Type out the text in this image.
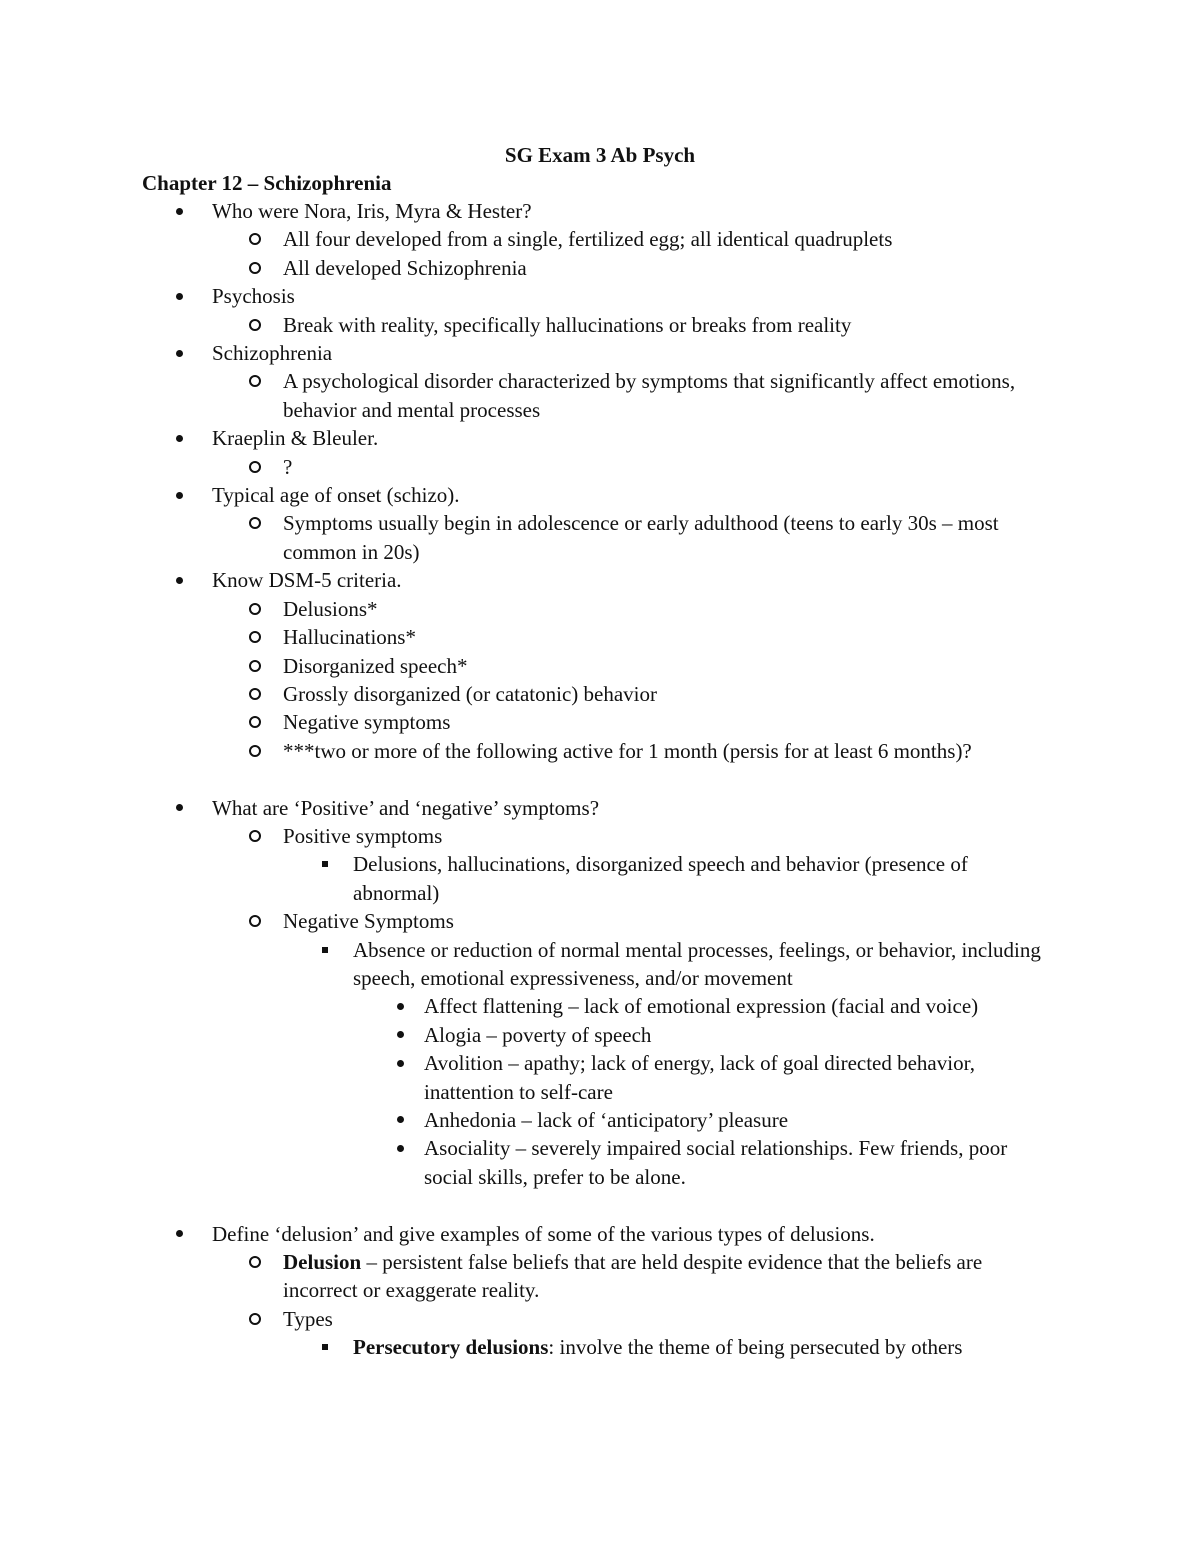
SG Exam 3 Ab Psych
Chapter 12 – Schizophrenia
Who were Nora, Iris, Myra & Hester?
All four developed from a single, fertilized egg; all identical quadruplets
All developed Schizophrenia
Psychosis
Break with reality, specifically hallucinations or breaks from reality
Schizophrenia
A psychological disorder characterized by symptoms that significantly affect emotions, behavior and mental processes
Kraeplin & Bleuler.
?
Typical age of onset (schizo).
Symptoms usually begin in adolescence or early adulthood (teens to early 30s – most common in 20s)
Know DSM-5 criteria.
Delusions*
Hallucinations*
Disorganized speech*
Grossly disorganized (or catatonic) behavior
Negative symptoms
***two or more of the following active for 1 month (persis for at least 6 months)?
What are ‘Positive’ and ‘negative’ symptoms?
Positive symptoms
Delusions, hallucinations, disorganized speech and behavior (presence of abnormal)
Negative Symptoms
Absence or reduction of normal mental processes, feelings, or behavior, including speech, emotional expressiveness, and/or movement
Affect flattening – lack of emotional expression (facial and voice)
Alogia – poverty of speech
Avolition – apathy; lack of energy, lack of goal directed behavior, inattention to self-care
Anhedonia – lack of ‘anticipatory’ pleasure
Asociality – severely impaired social relationships. Few friends, poor social skills, prefer to be alone.
Define ‘delusion’ and give examples of some of the various types of delusions.
Delusion – persistent false beliefs that are held despite evidence that the beliefs are incorrect or exaggerate reality.
Types
Persecutory delusions: involve the theme of being persecuted by others
